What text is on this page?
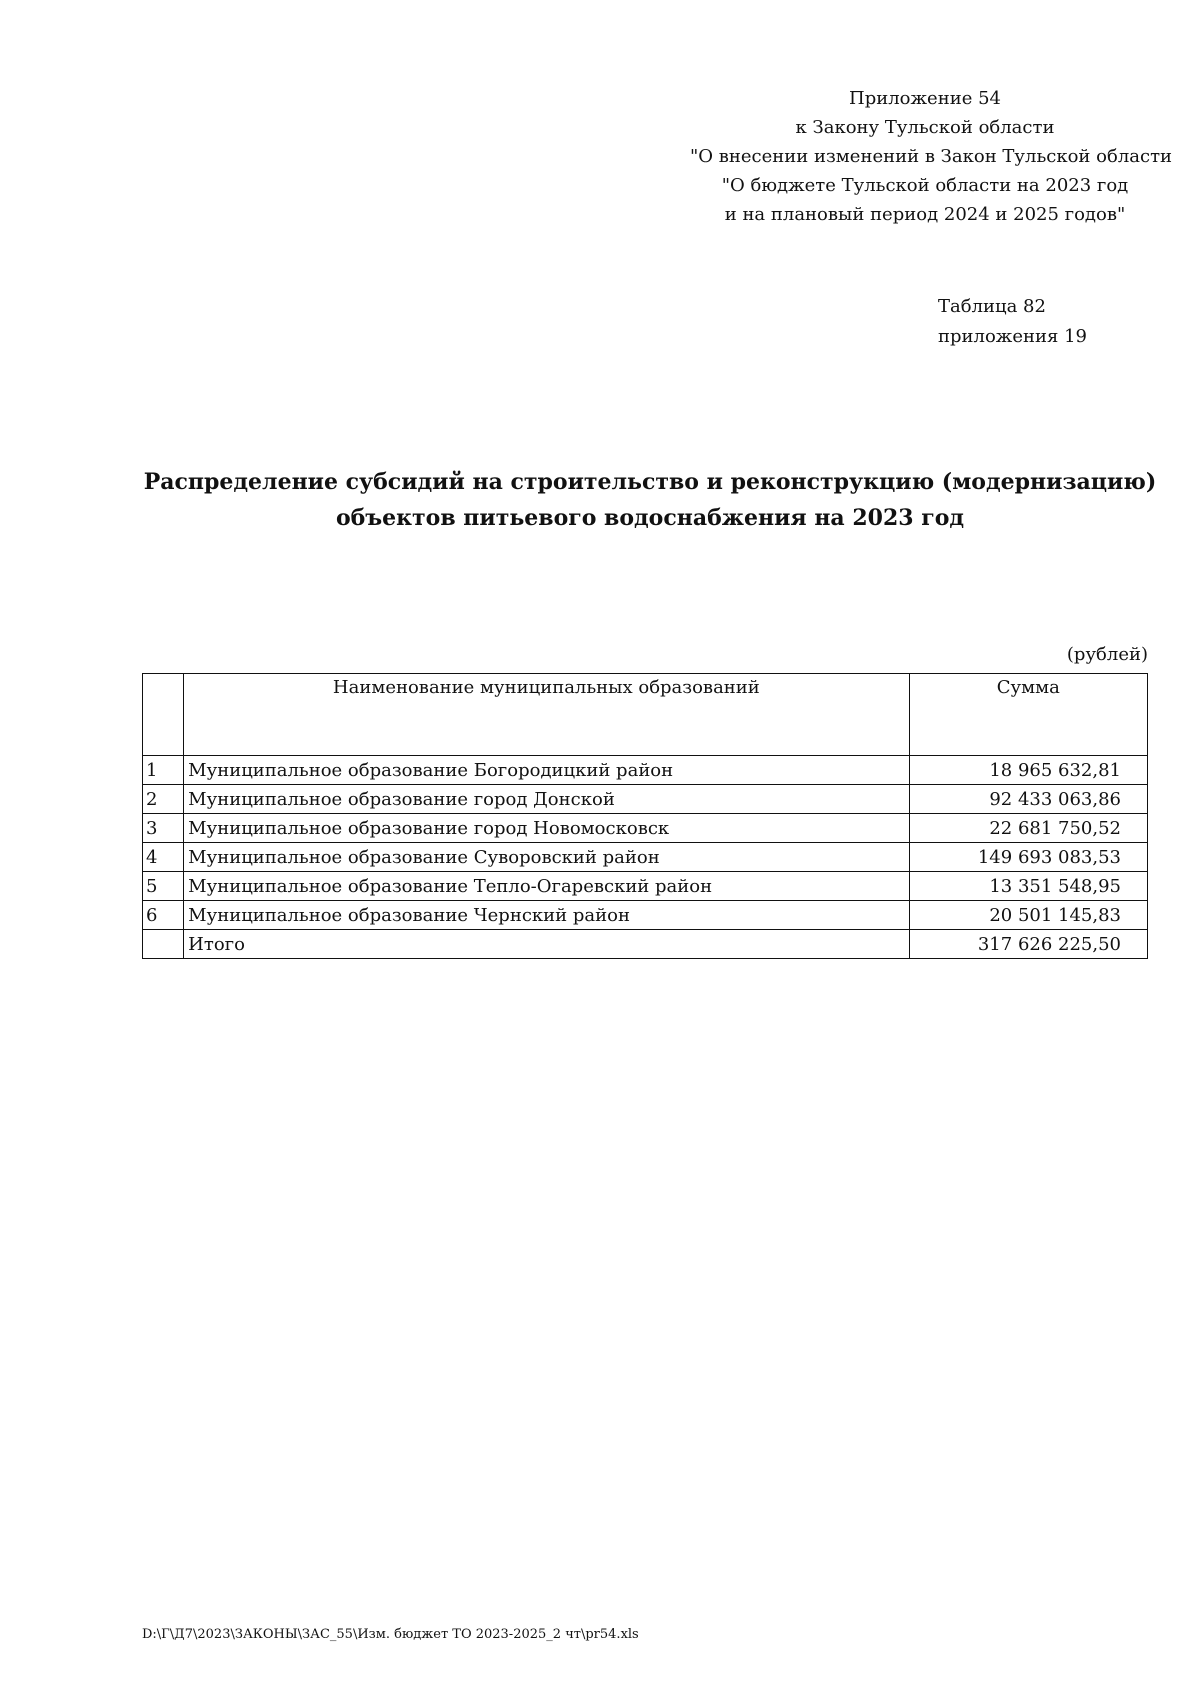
Приложение 54
к Закону Тульской области
"О внесении изменений в Закон Тульской области
"О бюджете Тульской области на 2023 год
и на плановый период 2024 и 2025 годов"
Таблица 82
приложения 19
Распределение субсидий на строительство и реконструкцию (модернизацию)
объектов питьевого водоснабжения на 2023 год
(рублей)
	Наименование муниципальных образований	Сумма
1	Муниципальное образование Богородицкий район	18 965 632,81
2	Муниципальное образование город Донской	92 433 063,86
3	Муниципальное образование город Новомосковск	22 681 750,52
4	Муниципальное образование Суворовский район	149 693 083,53
5	Муниципальное образование Тепло-Огаревский район	13 351 548,95
6	Муниципальное образование Чернский район	20 501 145,83
	Итого	317 626 225,50
D:\Г\Д7\2023\ЗАКОНЫ\ЗАС_55\Изм. бюджет ТО 2023-2025_2 чт\pr54.xls
